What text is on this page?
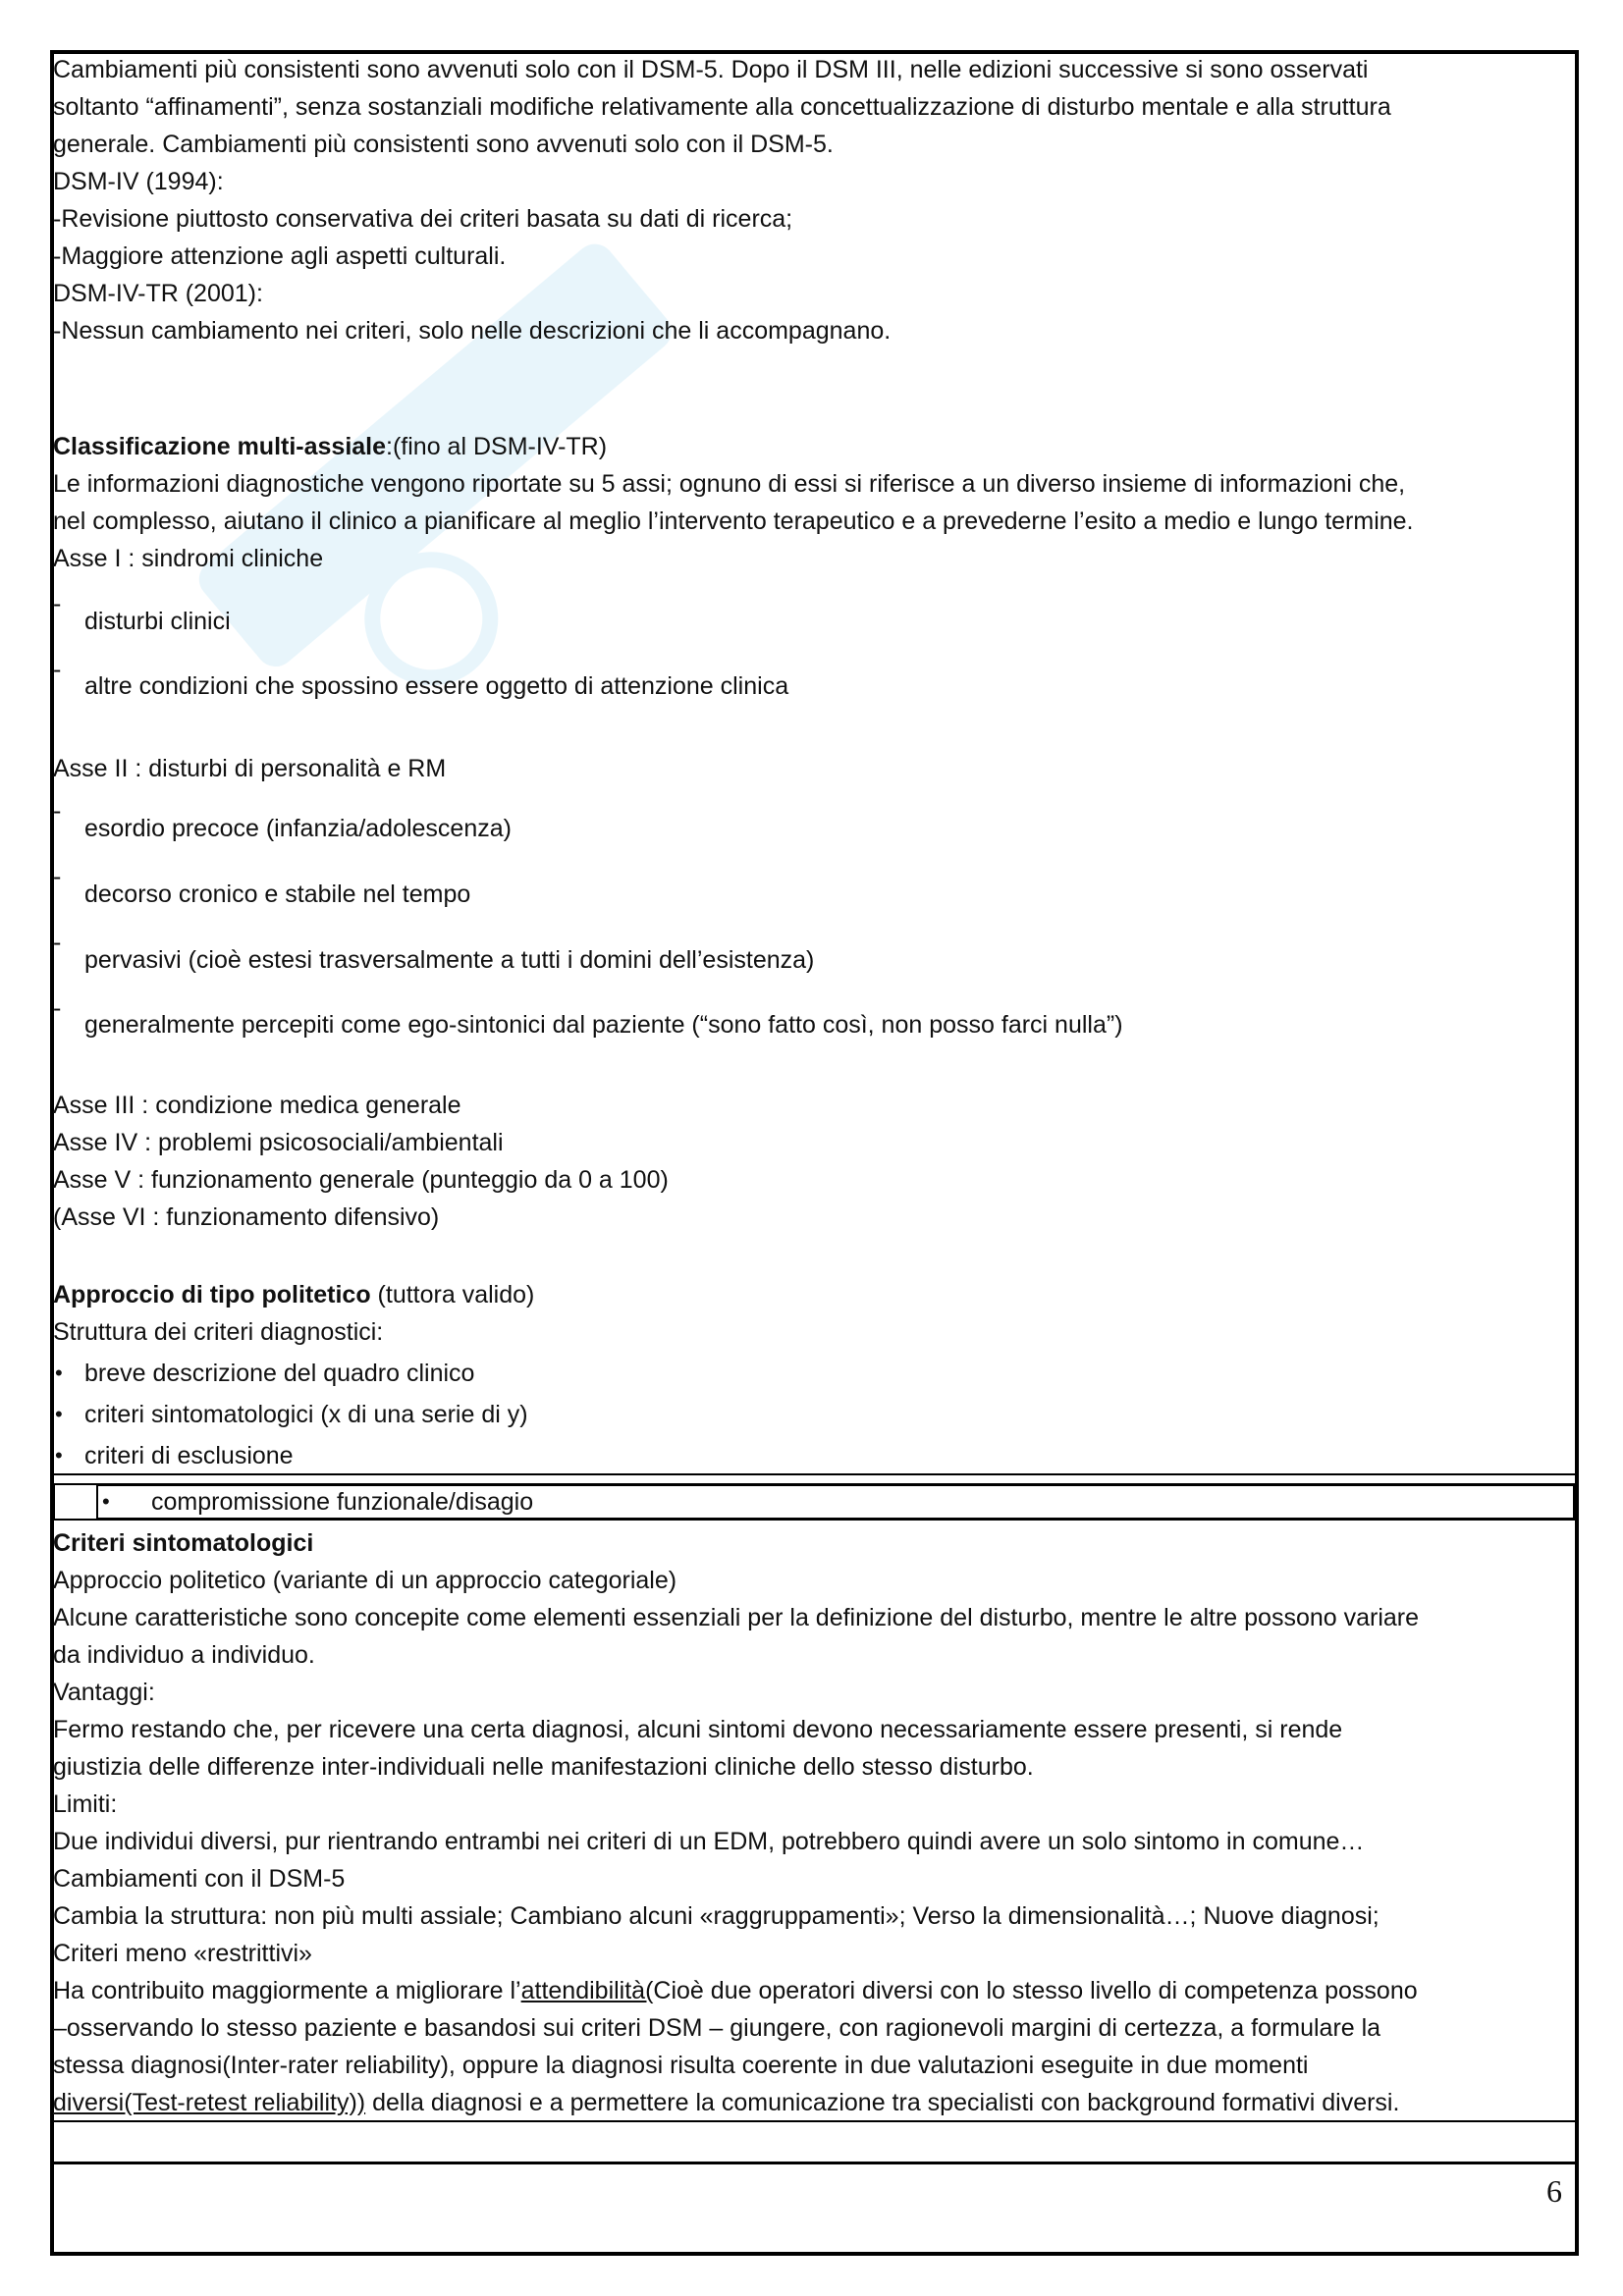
Cambiamenti più consistenti sono avvenuti solo con il DSM-5. Dopo il DSM III, nelle edizioni successive si sono osservati

soltanto “affinamenti”, senza sostanziali modifiche relativamente alla concettualizzazione di disturbo mentale e alla struttura

generale. Cambiamenti più consistenti sono avvenuti solo con il DSM-5.

DSM-IV (1994):

-Revisione piuttosto conservativa dei criteri basata su dati di ricerca;

-Maggiore attenzione agli aspetti culturali.

DSM-IV-TR (2001):

-Nessun cambiamento nei criteri, solo nelle descrizioni che li accompagnano.

Classificazione multi-assiale:(fino al DSM-IV-TR)

Le informazioni diagnostiche vengono riportate su 5 assi; ognuno di essi si riferisce a un diverso insieme di informazioni che,

nel complesso, aiutano il clinico a pianificare al meglio l’intervento terapeutico e a prevederne l’esito a medio e lungo termine.

Asse I : sindromi cliniche

-

disturbi clinici

-

altre condizioni che spossino essere oggetto di attenzione clinica

Asse II : disturbi di personalità e RM

-

esordio precoce (infanzia/adolescenza)

-

decorso cronico e stabile nel tempo

-

pervasivi (cioè estesi trasversalmente a tutti i domini dell’esistenza)

-

generalmente percepiti come ego-sintonici dal paziente (“sono fatto così, non posso farci nulla”)

Asse III : condizione medica generale

Asse IV : problemi psicosociali/ambientali

Asse V : funzionamento generale (punteggio da 0 a 100)

(Asse VI : funzionamento difensivo)

Approccio di tipo politetico (tuttora valido)

Struttura dei criteri diagnostici:

• breve descrizione del quadro clinico

• criteri sintomatologici (x di una serie di y)

• criteri di esclusione

• compromissione funzionale/disagio

Criteri sintomatologici

Approccio politetico (variante di un approccio categoriale)

Alcune caratteristiche sono concepite come elementi essenziali per la definizione del disturbo, mentre le altre possono variare

da individuo a individuo.

Vantaggi:

Fermo restando che, per ricevere una certa diagnosi, alcuni sintomi devono necessariamente essere presenti, si rende

giustizia delle differenze inter-individuali nelle manifestazioni cliniche dello stesso disturbo.

Limiti:

Due individui diversi, pur rientrando entrambi nei criteri di un EDM, potrebbero quindi avere un solo sintomo in comune…

Cambiamenti con il DSM-5

Cambia la struttura: non più multi assiale; Cambiano alcuni «raggruppamenti»; Verso la dimensionalità…; Nuove diagnosi;

Criteri meno «restrittivi»

Ha contribuito maggiormente a migliorare l’attendibilità(Cioè due operatori diversi con lo stesso livello di competenza possono

–osservando lo stesso paziente e basandosi sui criteri DSM – giungere, con ragionevoli margini di certezza, a formulare la

stessa diagnosi(Inter-rater reliability), oppure la diagnosi risulta coerente in due valutazioni eseguite in due momenti

diversi(Test-retest reliability)) della diagnosi e a permettere la comunicazione tra specialisti con background formativi diversi.

6
